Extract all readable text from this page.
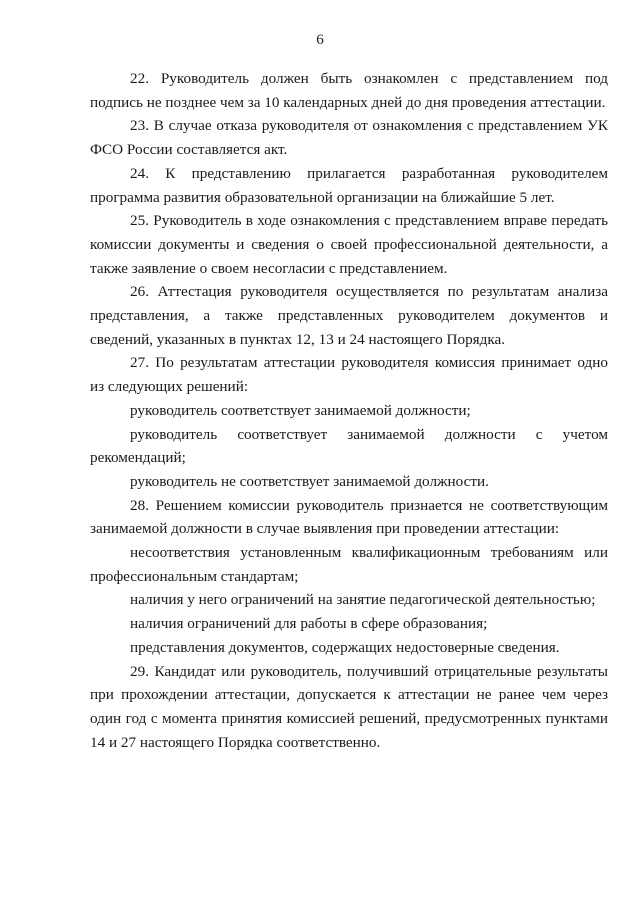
6

22. Руководитель должен быть ознакомлен с представлением под подпись не позднее чем за 10 календарных дней до дня проведения аттестации.

23. В случае отказа руководителя от ознакомления с представлением УК ФСО России составляется акт.

24. К представлению прилагается разработанная руководителем программа развития образовательной организации на ближайшие 5 лет.

25. Руководитель в ходе ознакомления с представлением вправе передать комиссии документы и сведения о своей профессиональной деятельности, а также заявление о своем несогласии с представлением.

26. Аттестация руководителя осуществляется по результатам анализа представления, а также представленных руководителем документов и сведений, указанных в пунктах 12, 13 и 24 настоящего Порядка.

27. По результатам аттестации руководителя комиссия принимает одно из следующих решений:

руководитель соответствует занимаемой должности;

руководитель соответствует занимаемой должности с учетом рекомендаций;

руководитель не соответствует занимаемой должности.

28. Решением комиссии руководитель признается не соответствующим занимаемой должности в случае выявления при проведении аттестации:

несоответствия установленным квалификационным требованиям или профессиональным стандартам;

наличия у него ограничений на занятие педагогической деятельностью;

наличия ограничений для работы в сфере образования;

представления документов, содержащих недостоверные сведения.

29. Кандидат или руководитель, получивший отрицательные результаты при прохождении аттестации, допускается к аттестации не ранее чем через один год с момента принятия комиссией решений, предусмотренных пунктами 14 и 27 настоящего Порядка соответственно.
